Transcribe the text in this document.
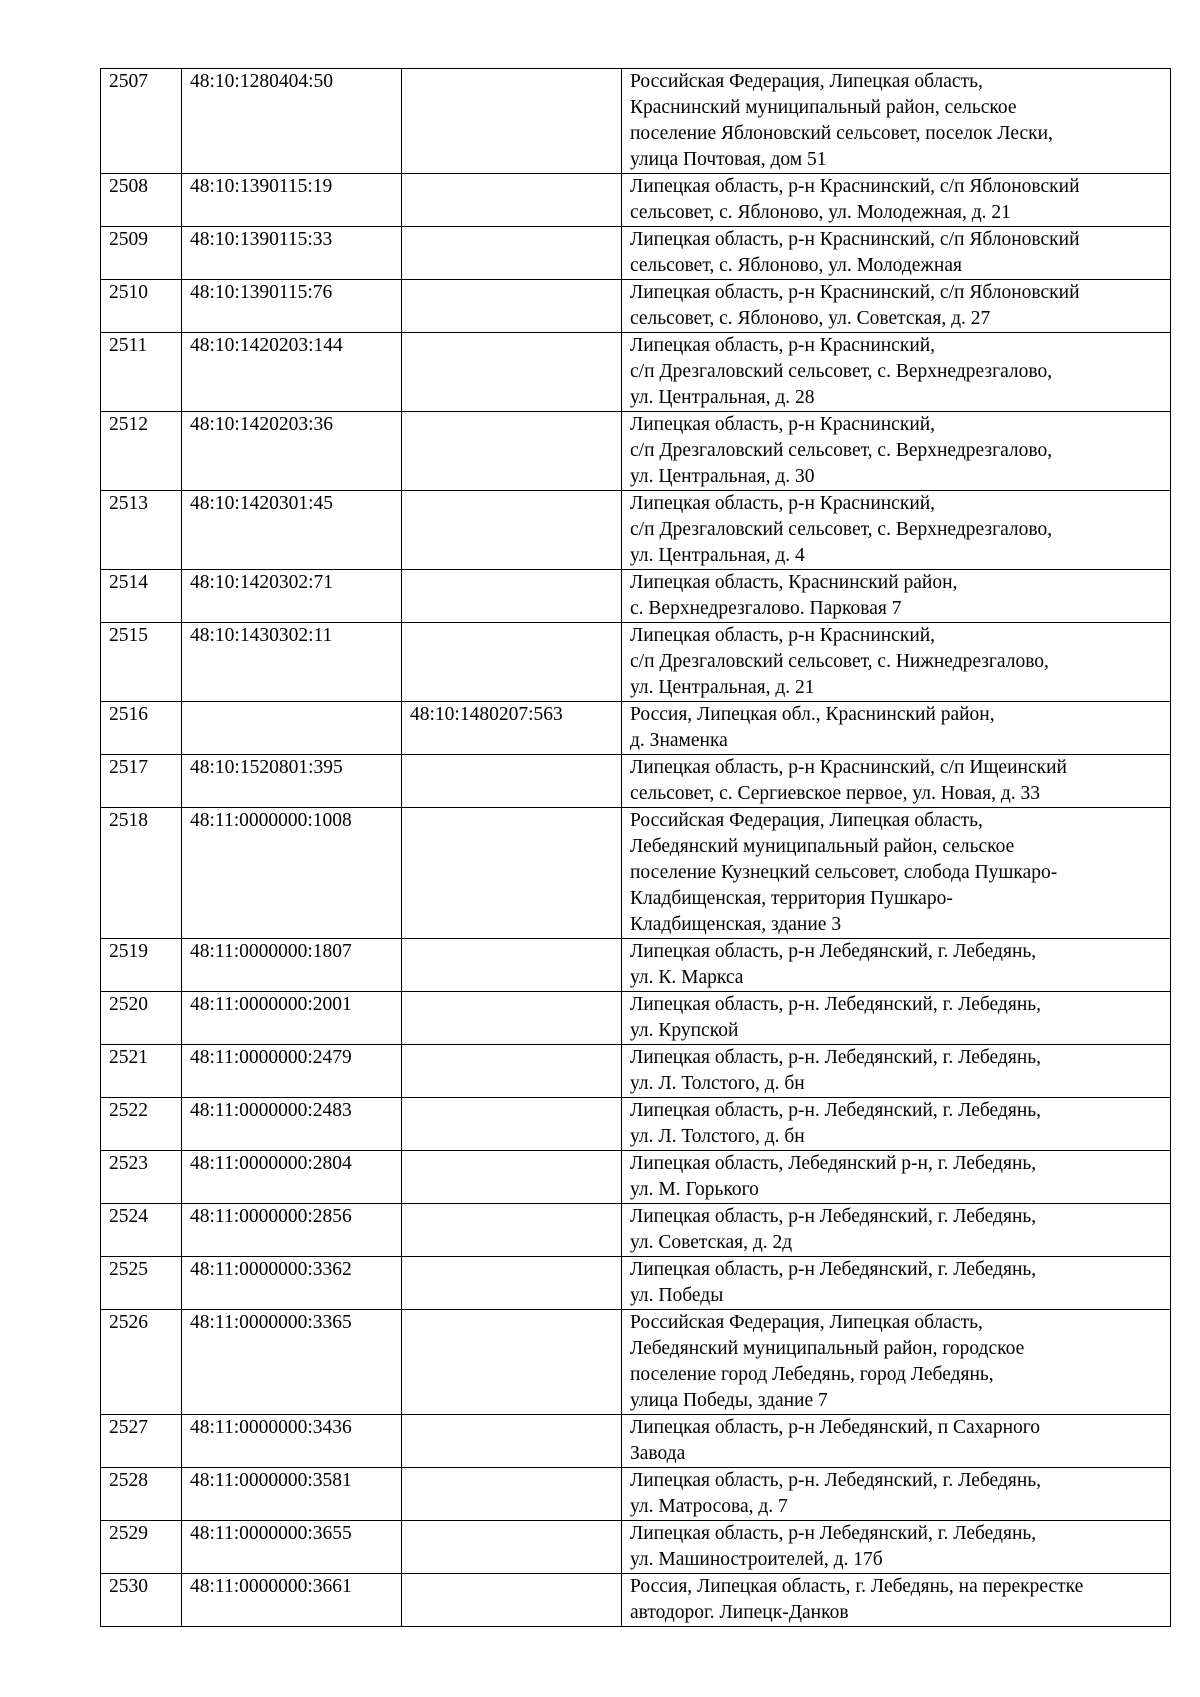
2507	48:10:1280404:50		Российская Федерация, Липецкая область,
Краснинский муниципальный район, сельское
поселение Яблоновский сельсовет, поселок Лески,
улица Почтовая, дом 51
2508	48:10:1390115:19		Липецкая область, р-н Краснинский, с/п Яблоновский
сельсовет, с. Яблоново, ул. Молодежная, д. 21
2509	48:10:1390115:33		Липецкая область, р-н Краснинский, с/п Яблоновский
сельсовет, с. Яблоново, ул. Молодежная
2510	48:10:1390115:76		Липецкая область, р-н Краснинский, с/п Яблоновский
сельсовет, с. Яблоново, ул. Советская, д. 27
2511	48:10:1420203:144		Липецкая область, р-н Краснинский,
с/п Дрезгаловский сельсовет, с. Верхнедрезгалово,
ул. Центральная, д. 28
2512	48:10:1420203:36		Липецкая область, р-н Краснинский,
с/п Дрезгаловский сельсовет, с. Верхнедрезгалово,
ул. Центральная, д. 30
2513	48:10:1420301:45		Липецкая область, р-н Краснинский,
с/п Дрезгаловский сельсовет, с. Верхнедрезгалово,
ул. Центральная, д. 4
2514	48:10:1420302:71		Липецкая область, Краснинский район,
с. Верхнедрезгалово. Парковая 7
2515	48:10:1430302:11		Липецкая область, р-н Краснинский,
с/п Дрезгаловский сельсовет, с. Нижнедрезгалово,
ул. Центральная, д. 21
2516		48:10:1480207:563	Россия, Липецкая обл., Краснинский район,
д. Знаменка
2517	48:10:1520801:395		Липецкая область, р-н Краснинский, с/п Ищеинский
сельсовет, с. Сергиевское первое, ул. Новая, д. 33
2518	48:11:0000000:1008		Российская Федерация, Липецкая область,
Лебедянский муниципальный район, сельское
поселение Кузнецкий сельсовет, слобода Пушкаро-
Кладбищенская, территория Пушкаро-
Кладбищенская, здание 3
2519	48:11:0000000:1807		Липецкая область, р-н Лебедянский, г. Лебедянь,
ул. К. Маркса
2520	48:11:0000000:2001		Липецкая область, р-н. Лебедянский, г. Лебедянь,
ул. Крупской
2521	48:11:0000000:2479		Липецкая область, р-н. Лебедянский, г. Лебедянь,
ул. Л. Толстого, д. бн
2522	48:11:0000000:2483		Липецкая область, р-н. Лебедянский, г. Лебедянь,
ул. Л. Толстого, д. бн
2523	48:11:0000000:2804		Липецкая область, Лебедянский р-н, г. Лебедянь,
ул. М. Горького
2524	48:11:0000000:2856		Липецкая область, р-н Лебедянский, г. Лебедянь,
ул. Советская, д. 2д
2525	48:11:0000000:3362		Липецкая область, р-н Лебедянский, г. Лебедянь,
ул. Победы
2526	48:11:0000000:3365		Российская Федерация, Липецкая область,
Лебедянский муниципальный район, городское
поселение город Лебедянь, город Лебедянь,
улица Победы, здание 7
2527	48:11:0000000:3436		Липецкая область, р-н Лебедянский, п Сахарного
Завода
2528	48:11:0000000:3581		Липецкая область, р-н. Лебедянский, г. Лебедянь,
ул. Матросова, д. 7
2529	48:11:0000000:3655		Липецкая область, р-н Лебедянский, г. Лебедянь,
ул. Машиностроителей, д. 17б
2530	48:11:0000000:3661		Россия, Липецкая область, г. Лебедянь, на перекрестке
автодорог. Липецк-Данков
